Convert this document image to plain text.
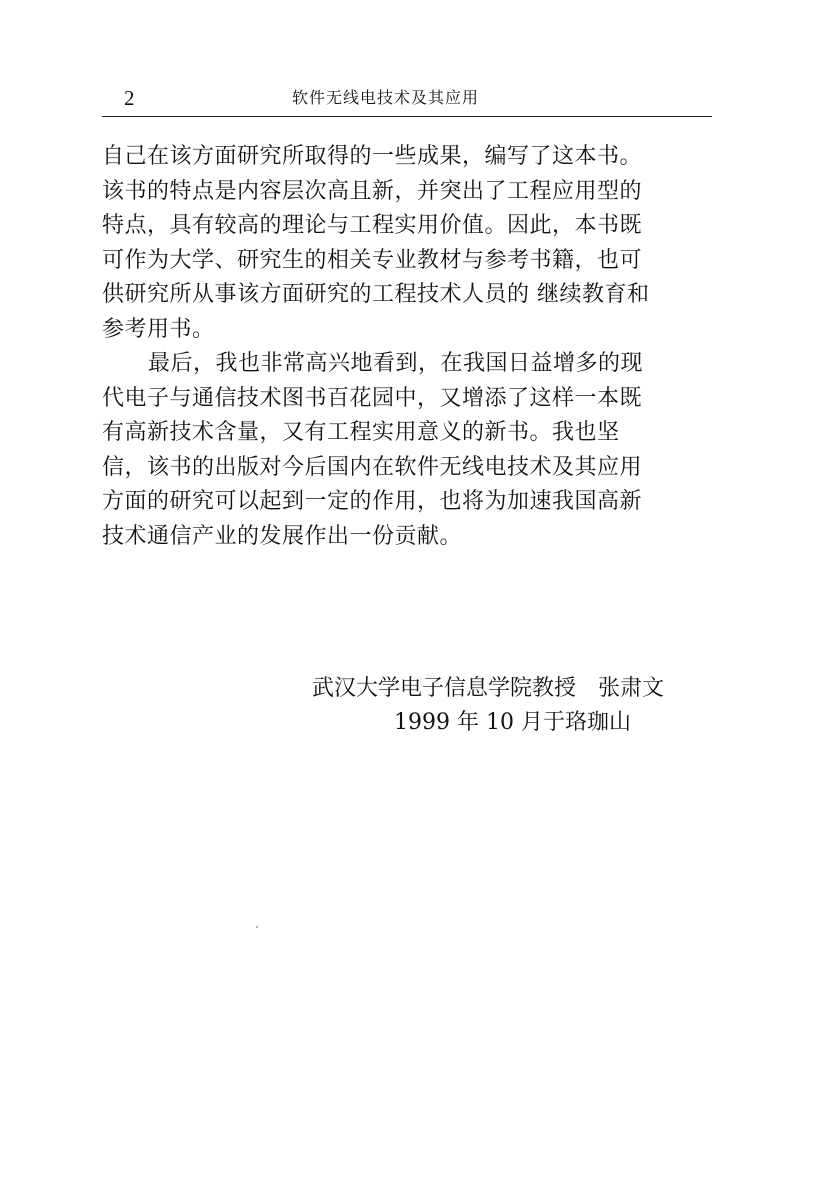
2	软件无线电技术及其应用
自己在该方面研究所取得的一些成果，编写了这本书。
该书的特点是内容层次高且新，并突出了工程应用型的
特点，具有较高的理论与工程实用价值。因此，本书既
可作为大学、研究生的相关专业教材与参考书籍，也可
供研究所从事该方面研究的工程技术人员的 继续教育和
参考用书。
最后，我也非常高兴地看到，在我国日益增多的现
代电子与通信技术图书百花园中，又增添了这样一本既
有高新技术含量，又有工程实用意义的新书。我也坚
信，该书的出版对今后国内在软件无线电技术及其应用
方面的研究可以起到一定的作用，也将为加速我国高新
技术通信产业的发展作出一份贡献。
武汉大学电子信息学院教授　张肃文
1999 年 10 月于珞珈山
